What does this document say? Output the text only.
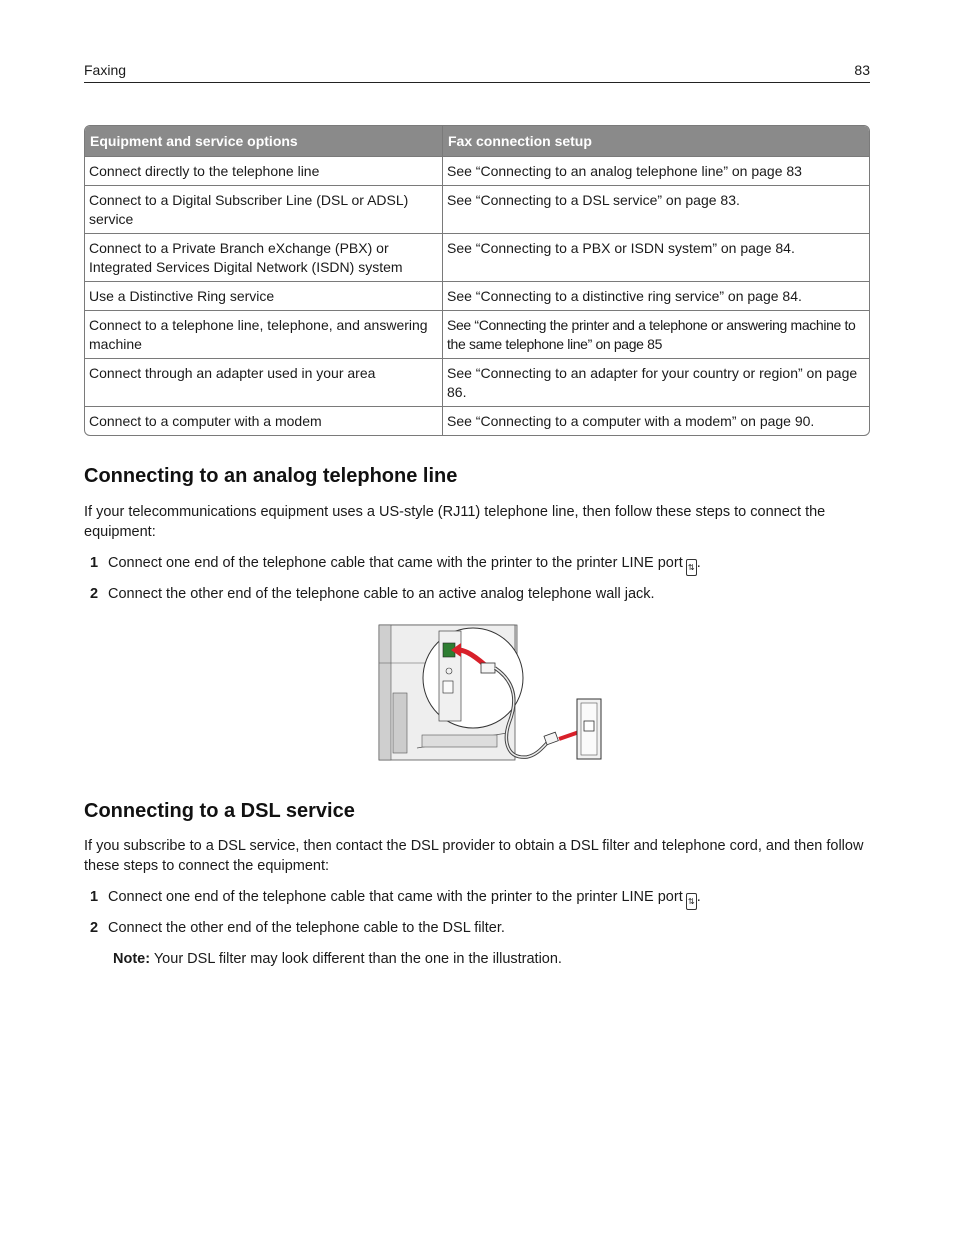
Faxing	83
Equipment and service options	Fax connection setup
Connect directly to the telephone line	See “Connecting to an analog telephone line” on page 83
Connect to a Digital Subscriber Line (DSL or ADSL) service	See “Connecting to a DSL service” on page 83.
Connect to a Private Branch eXchange (PBX) or Integrated Services Digital Network (ISDN) system	See “Connecting to a PBX or ISDN system” on page 84.
Use a Distinctive Ring service	See “Connecting to a distinctive ring service” on page 84.
Connect to a telephone line, telephone, and answering machine	See “Connecting the printer and a telephone or answering machine to the same telephone line” on page 85
Connect through an adapter used in your area	See “Connecting to an adapter for your country or region” on page 86.
Connect to a computer with a modem	See “Connecting to a computer with a modem” on page 90.
Connecting to an analog telephone line

If your telecommunications equipment uses a US-style (RJ11) telephone line, then follow these steps to connect the equipment:

1 Connect one end of the telephone cable that came with the printer to the printer LINE port ⇅ .
2 Connect the other end of the telephone cable to an active analog telephone wall jack.
Connecting to a DSL service

If you subscribe to a DSL service, then contact the DSL provider to obtain a DSL filter and telephone cord, and then follow these steps to connect the equipment:

1 Connect one end of the telephone cable that came with the printer to the printer LINE port ⇅ .
2 Connect the other end of the telephone cable to the DSL filter.
Note: Your DSL filter may look different than the one in the illustration.
